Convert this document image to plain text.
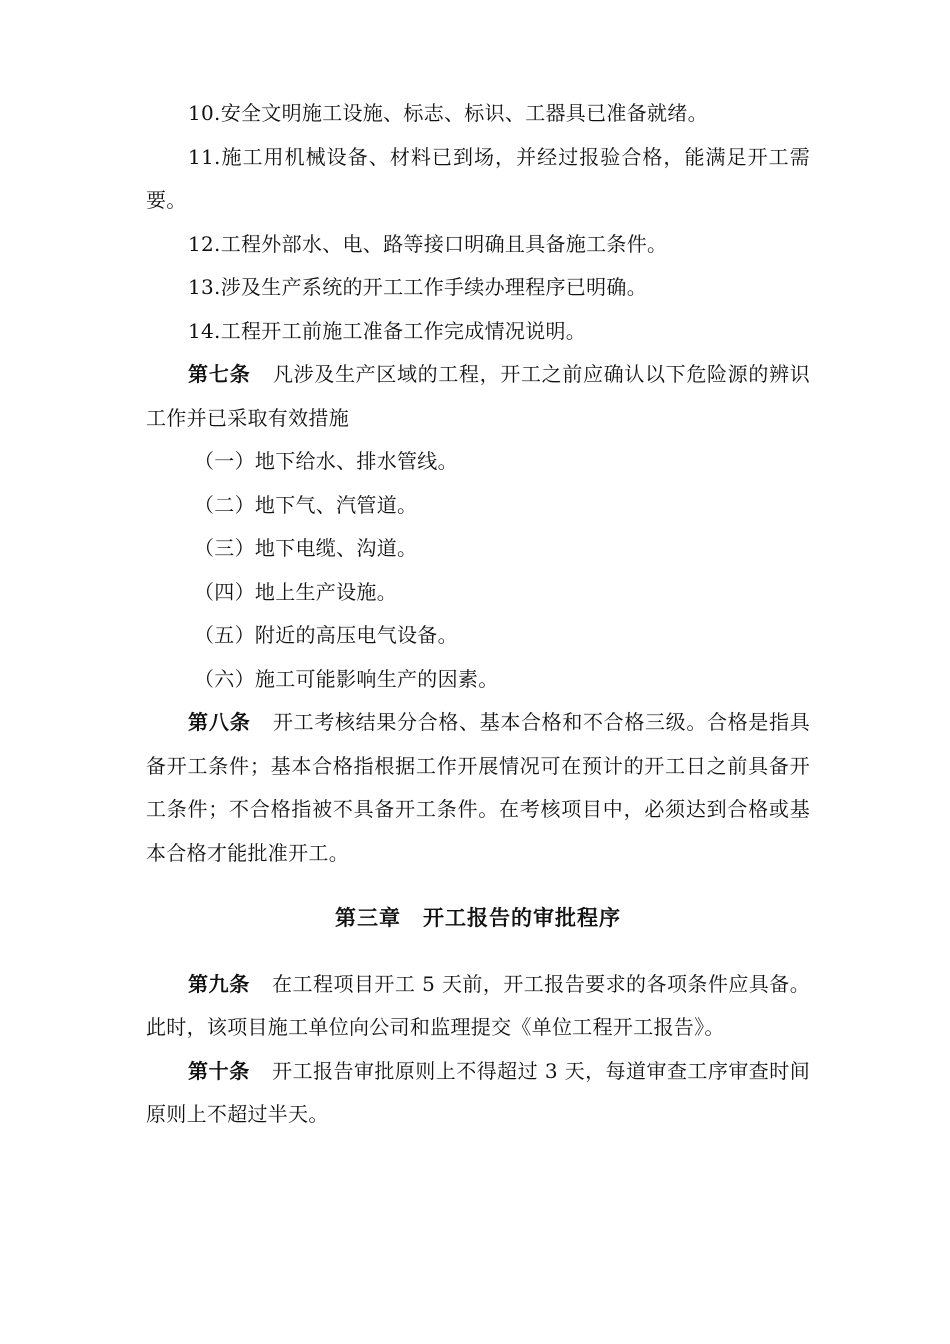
10.安全文明施工设施、标志、标识、工器具已准备就绪。

11.施工用机械设备、材料已到场，并经过报验合格，能满足开工需要。

12.工程外部水、电、路等接口明确且具备施工条件。

13.涉及生产系统的开工工作手续办理程序已明确。

14.工程开工前施工准备工作完成情况说明。

第七条 凡涉及生产区域的工程，开工之前应确认以下危险源的辨识工作并已采取有效措施

（一）地下给水、排水管线。

（二）地下气、汽管道。

（三）地下电缆、沟道。

（四）地上生产设施。

（五）附近的高压电气设备。

（六）施工可能影响生产的因素。

第八条 开工考核结果分合格、基本合格和不合格三级。合格是指具备开工条件；基本合格指根据工作开展情况可在预计的开工日之前具备开工条件；不合格指被不具备开工条件。在考核项目中，必须达到合格或基本合格才能批准开工。

第三章 开工报告的审批程序

第九条 在工程项目开工 5 天前，开工报告要求的各项条件应具备。此时，该项目施工单位向公司和监理提交《单位工程开工报告》。

第十条 开工报告审批原则上不得超过 3 天，每道审查工序审查时间原则上不超过半天。
